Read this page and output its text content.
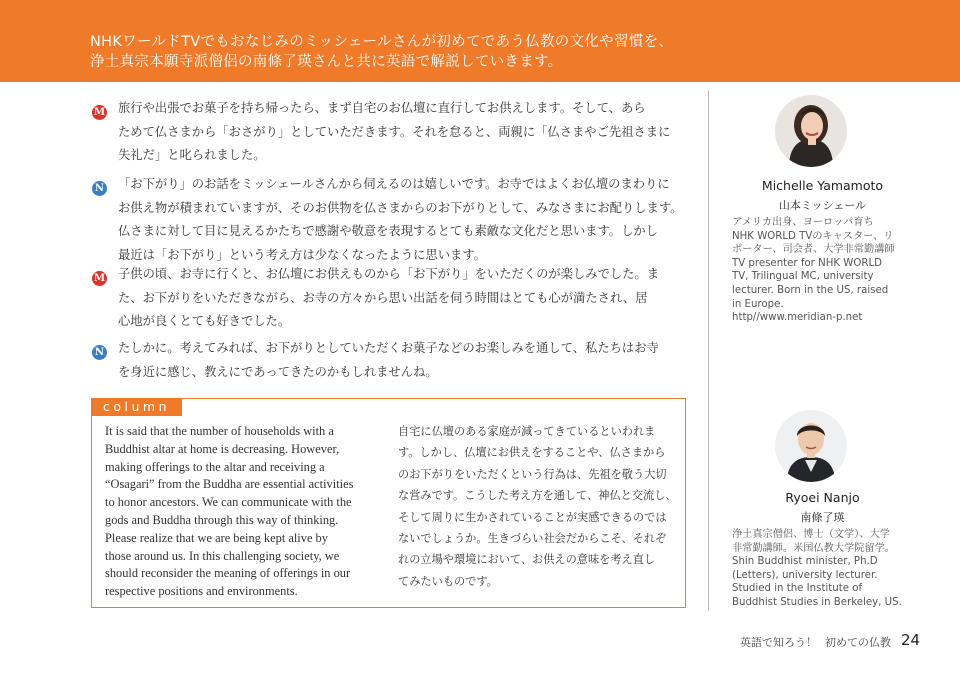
NHKワールドTVでもおなじみのミッシェールさんが初めてであう仏教の文化や習慣を、
浄土真宗本願寺派僧侶の南條了瑛さんと共に英語で解説していきます。
M 旅行や出張でお菓子を持ち帰ったら、まず自宅のお仏壇に直行してお供えします。そして、あら
ためて仏さまから「おさがり」としていただきます。それを怠ると、両親に「仏さまやご先祖さまに
失礼だ」と叱られました。
N 「お下がり」のお話をミッシェールさんから伺えるのは嬉しいです。お寺ではよくお仏壇のまわりに
お供え物が積まれていますが、そのお供物を仏さまからのお下がりとして、みなさまにお配りします。
仏さまに対して目に見えるかたちで感謝や敬意を表現するとても素敵な文化だと思います。しかし
最近は「お下がり」という考え方は少なくなったように思います。
M 子供の頃、お寺に行くと、お仏壇にお供えものから「お下がり」をいただくのが楽しみでした。ま
た、お下がりをいただきながら、お寺の方々から思い出話を伺う時間はとても心が満たされ、居
心地が良くとても好きでした。
N たしかに。考えてみれば、お下がりとしていただくお菓子などのお楽しみを通して、私たちはお寺
を身近に感じ、教えにであってきたのかもしれませんね。
column
It is said that the number of households with a
Buddhist altar at home is decreasing. However,
making offerings to the altar and receiving a
“Osagari” from the Buddha are essential activities
to honor ancestors. We can communicate with the
gods and Buddha through this way of thinking.
Please realize that we are being kept alive by
those around us. In this challenging society, we
should reconsider the meaning of offerings in our
respective positions and environments.
自宅に仏壇のある家庭が減ってきているといわれま
す。しかし、仏壇にお供えをすることや、仏さまから
のお下がりをいただくという行為は、先祖を敬う大切
な営みです。こうした考え方を通して、神仏と交流し、
そして周りに生かされていることが実感できるのでは
ないでしょうか。生きづらい社会だからこそ、それぞ
れの立場や環境において、お供えの意味を考え直し
てみたいものです。
Michelle Yamamoto
山本ミッシェール
アメリカ出身、ヨーロッパ育ち
NHK WORLD TVのキャスター、リ
ポーター、司会者、大学非常勤講師
TV presenter for NHK WORLD
TV, Trilingual MC, university
lecturer. Born in the US, raised
in Europe.
http//www.meridian-p.net
Ryoei Nanjo
南條了瑛
浄土真宗僧侶、博士（文学）、大学
非常勤講師。米国仏教大学院留学。
Shin Buddhist minister, Ph.D
(Letters), university lecturer.
Studied in the Institute of
Buddhist Studies in Berkeley, US.
英語で知ろう！ 初めての仏教 24
